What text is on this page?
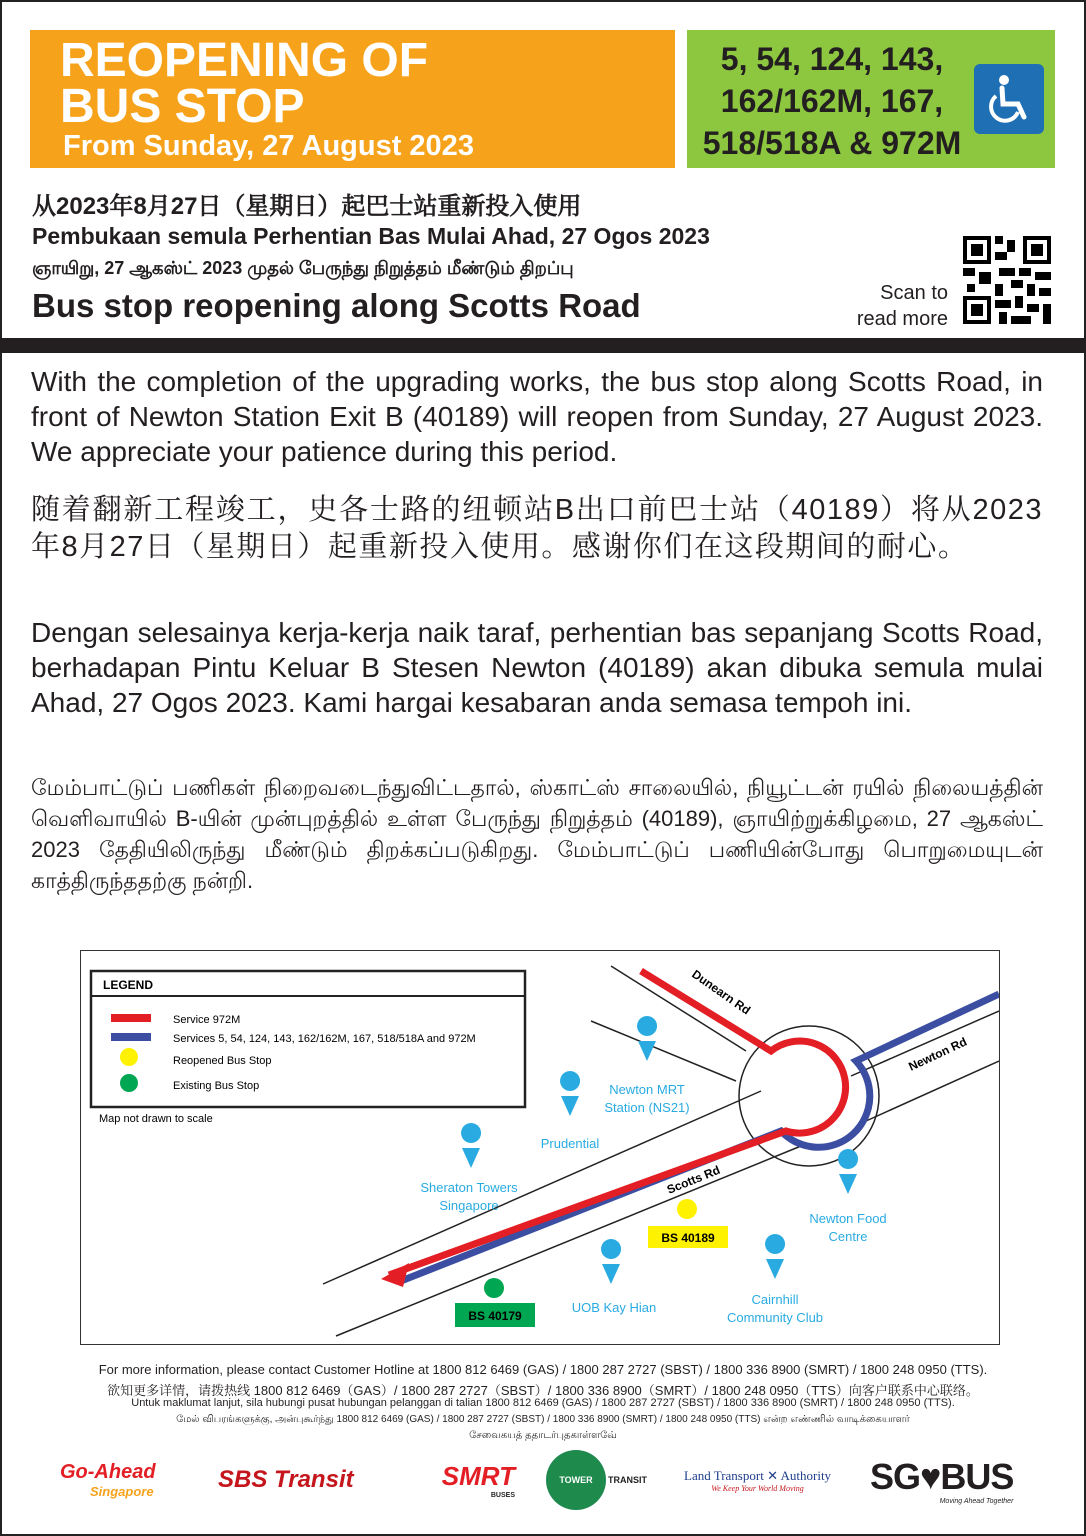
REOPENING OF
BUS STOP
From Sunday, 27 August 2023
5, 54, 124, 143,
162/162M, 167,
518/518A & 972M
从2023年8月27日（星期日）起巴士站重新投入使用
Pembukaan semula Perhentian Bas Mulai Ahad, 27 Ogos 2023
ஞாயிறு, 27 ஆகஸ்ட் 2023 முதல் பேருந்து நிறுத்தம் மீண்டும் திறப்பு
Bus stop reopening along Scotts Road	Scan to
read more
With the completion of the upgrading works, the bus stop along Scotts Road, in front of Newton Station Exit B (40189) will reopen from Sunday, 27 August 2023. We appreciate your patience during this period.
随着翻新工程竣工，史各士路的纽顿站B出口前巴士站（40189）将从2023年8月27日（星期日）起重新投入使用。感谢你们在这段期间的耐心。
Dengan selesainya kerja-kerja naik taraf, perhentian bas sepanjang Scotts Road, berhadapan Pintu Keluar B Stesen Newton (40189) akan dibuka semula mulai Ahad, 27 Ogos 2023. Kami hargai kesabaran anda semasa tempoh ini.
மேம்பாட்டுப் பணிகள் நிறைவடைந்துவிட்டதால், ஸ்காட்ஸ் சாலையில், நியூட்டன் ரயில் நிலையத்தின் வெளிவாயில் B-யின் முன்புறத்தில் உள்ள பேருந்து நிறுத்தம் (40189), ஞாயிற்றுக்கிழமை, 27 ஆகஸ்ட் 2023 தேதியிலிருந்து மீண்டும் திறக்கப்படுகிறது. மேம்பாட்டுப் பணியின்போது பொறுமையுடன் காத்திருந்ததற்கு நன்றி.
LEGEND
Service 972M
Services 5, 54, 124, 143, 162/162M, 167, 518/518A and 972M
Reopened Bus Stop
Existing Bus Stop
Map not drawn to scale
Dunearn Rd
Newton Rd
Scotts Rd
Newton MRT
Station (NS21)
Prudential
Sheraton Towers
Singapore
Newton Food
Centre
UOB Kay Hian
Cairnhill
Community Club
BS 40189
BS 40179
For more information, please contact Customer Hotline at 1800 812 6469 (GAS) / 1800 287 2727 (SBST) / 1800 336 8900 (SMRT) / 1800 248 0950 (TTS).
欲知更多详情，请拨热线 1800 812 6469（GAS）/ 1800 287 2727（SBST）/ 1800 336 8900（SMRT）/ 1800 248 0950（TTS）向客户联系中心联络。
Untuk maklumat lanjut, sila hubungi pusat hubungan pelanggan di talian 1800 812 6469 (GAS) / 1800 287 2727 (SBST) / 1800 336 8900 (SMRT) / 1800 248 0950 (TTS).
மேல் விபரங்களுக்கு, அன்புகூர்ந்து 1800 812 6469 (GAS) / 1800 287 2727 (SBST) / 1800 336 8900 (SMRT) / 1800 248 0950 (TTS) என்ற எண்ணில் வாடிக்கையாளர்
சேவைகயத் ததாடர்புதகாள்ளவே்
Go-Ahead
Singapore	SBS Transit	SMRT
BUSES
TOWER	TRANSIT	Land Transport ✕ Authority
We Keep Your World Moving SG♥BUS
Moving Ahead Together
